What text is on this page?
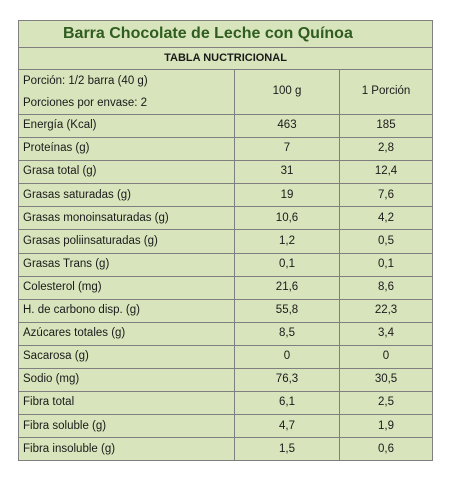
Barra Chocolate de Leche con Quínoa		
TABLA NUCTRICIONAL		

Porción: 1/2 barra (40 g)
Porciones por envase: 2	100 g	1 Porción
Energía (Kcal)	463	185
Proteínas (g)	7	2,8
Grasa total (g)	31	12,4
Grasas saturadas (g)	19	7,6
Grasas monoinsaturadas (g)	10,6	4,2
Grasas poliinsaturadas (g)	1,2	0,5
Grasas Trans (g)	0,1	0,1
Colesterol (mg)	21,6	8,6
H. de carbono disp. (g)	55,8	22,3
Azúcares totales (g)	8,5	3,4
Sacarosa (g)	0	0
Sodio (mg)	76,3	30,5
Fibra total	6,1	2,5
Fibra soluble (g)	4,7	1,9
Fibra insoluble (g)	1,5	0,6
